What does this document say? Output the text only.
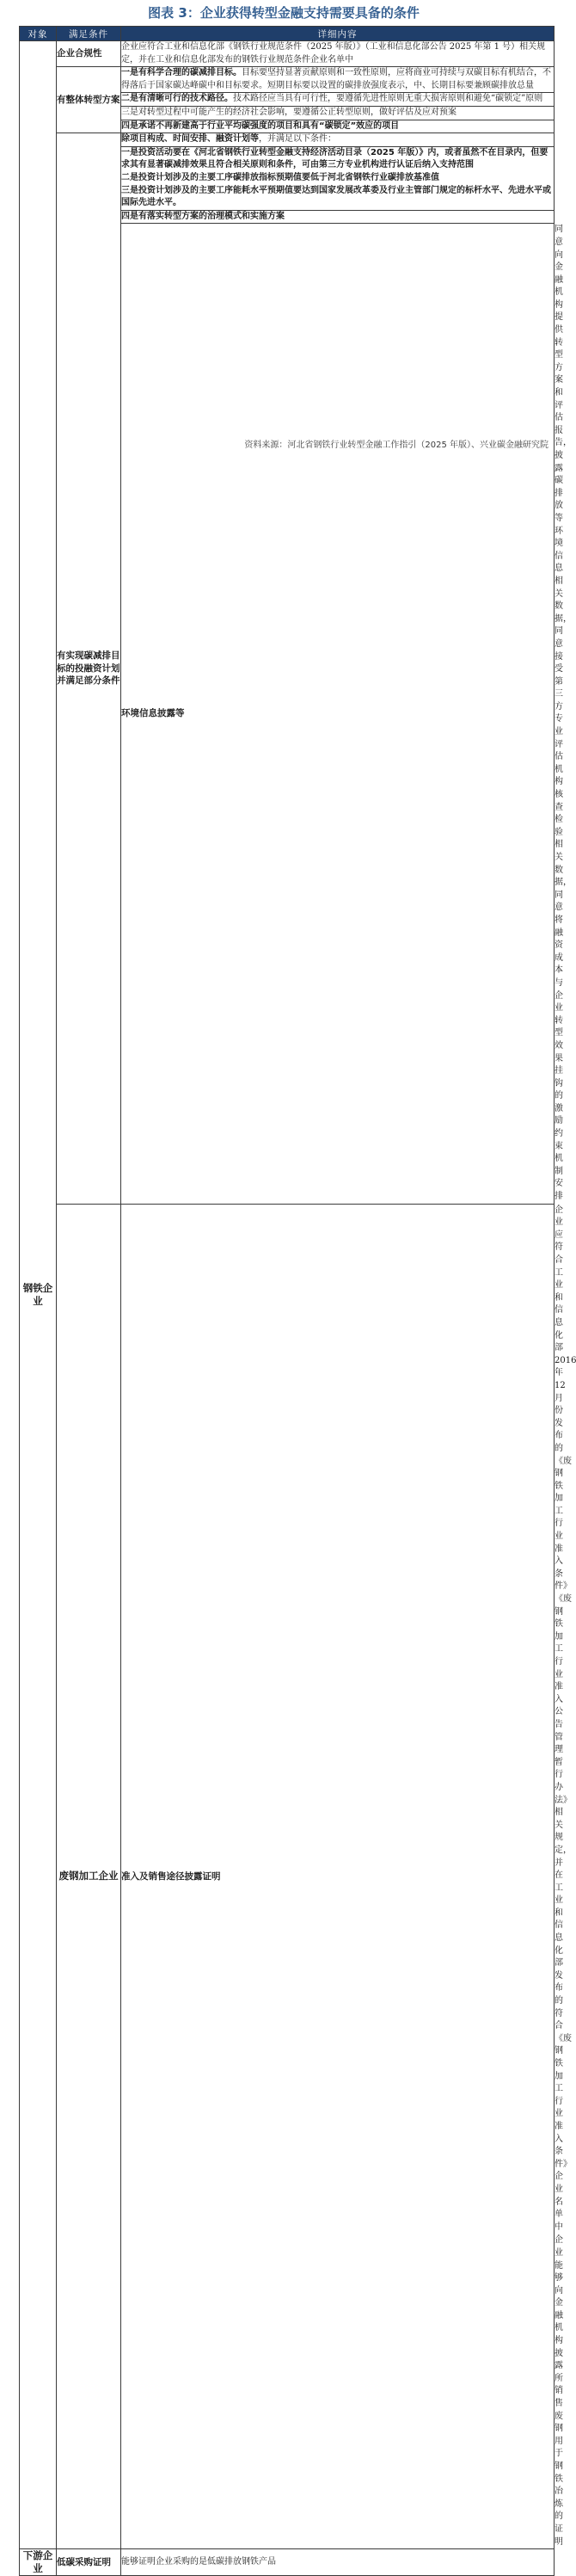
图表 3：企业获得转型金融支持需要具备的条件
对象	满足条件	详细内容	
钢铁企业	企业合规性	企业应符合工业和信息化部《钢铁行业规范条件（2025 年版）》（工业和信息化部公告 2025 年第 1 号）相关规定，并在工业和信息化部发布的钢铁行业规范条件企业名单中	
	有整体转型方案	一是有科学合理的碳减排目标。目标要坚持显著贡献原则和一致性原则，应将商业可持续与双碳目标有机结合，不得落后于国家碳达峰碳中和目标要求。短期目标要以设置的碳排放强度表示，中、长期目标要兼顾碳排放总量	
		二是有清晰可行的技术路径。技术路径应当具有可行性，要遵循先进性原则无重大损害原则和避免“碳锁定”原则	
		三是对转型过程中可能产生的经济社会影响，要遵循公正转型原则，做好评估及应对预案	
		四是承诺不再新建高于行业平均碳强度的项目和具有“碳锁定”效应的项目	
	有实现碳减排目标的投融资计划并满足部分条件	除项目构成、时间安排、融资计划等，并满足以下条件：	
		一是投资活动要在《河北省钢铁行业转型金融支持经济活动目录（2025 年版）》内，或者虽然不在目录内，但要求其有显著碳减排效果且符合相关原则和条件，可由第三方专业机构进行认证后纳入支持范围	
		二是投资计划涉及的主要工序碳排放指标预期值要低于河北省钢铁行业碳排放基准值	
		三是投资计划涉及的主要工序能耗水平预期值要达到国家发展改革委及行业主管部门规定的标杆水平、先进水平或国际先进水平。	
		四是有落实转型方案的治理模式和实施方案	
		环境信息披露等	同意向金融机构提供转型方案和评估报告，披露碳排放等环境信息相关数据，同意接受第三方专业评估机构核查检验相关数据，同意将融资成本与企业转型效果挂钩的激励约束机制安排
	废钢加工企业	准入及销售途径披露证明	企业应符合工业和信息化部 2016 年 12 月份发布的《废钢铁加工行业准入条件》《废钢铁加工行业准入公告管理暂行办法》相关规定，并在工业和信息化部发布的符合《废钢铁加工行业准入条件》企业名单中
			企业能够向金融机构披露所销售废钢用于钢铁冶炼的证明
下游企业	低碳采购证明	能够证明企业采购的是低碳排放钢铁产品	
资料来源：河北省钢铁行业转型金融工作指引（2025 年版）、兴业碳金融研究院
